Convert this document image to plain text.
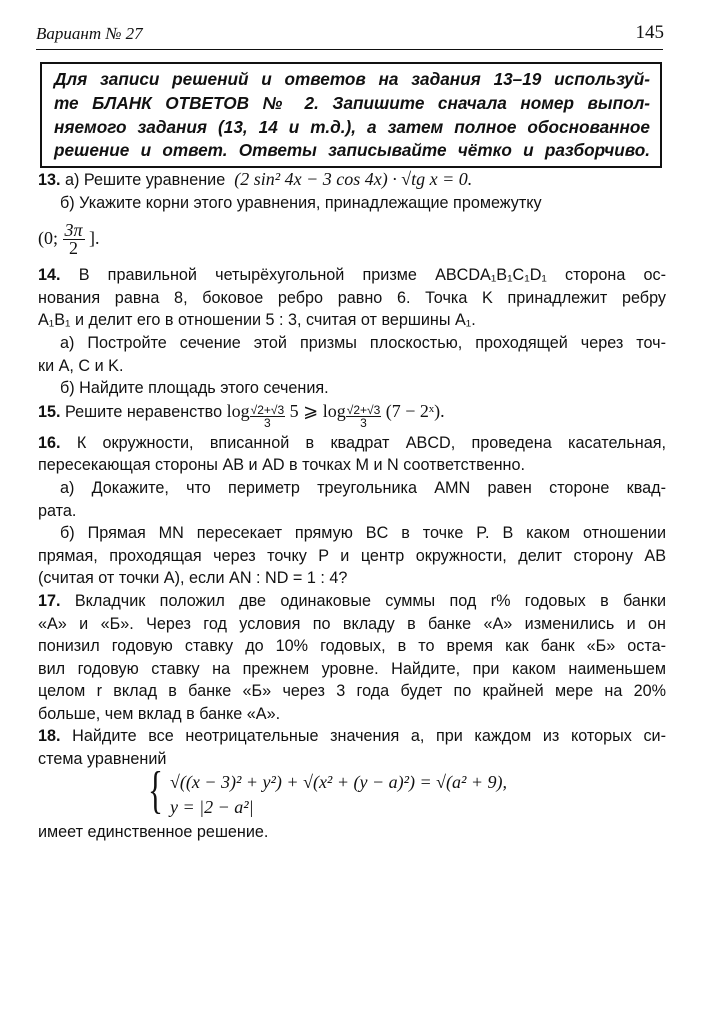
Вариант № 27	145
Для записи решений и ответов на задания 13–19 используй-
те БЛАНК ОТВЕТОВ № 2. Запишите сначала номер выпол-
няемого задания (13, 14 и т.д.), а затем полное обоснованное
решение и ответ. Ответы записывайте чётко и разборчиво.
13. а) Решите уравнение (2 sin² 4x − 3 cos 4x) · √tg x = 0.
б) Укажите корни этого уравнения, принадлежащие промежутку
(0; $\frac{3\pi}{2}$ ].
14. В правильной четырёхугольной призме ABCDA₁B₁C₁D₁ сторона ос-
нования равна 8, боковое ребро равно 6. Точка K принадлежит ребру
A₁B₁ и делит его в отношении 5 : 3, считая от вершины A₁.
а) Постройте сечение этой призмы плоскостью, проходящей через точ-
ки A, C и K.
б) Найдите площадь этого сечения.
15. Решите неравенство $\log \frac{√2+√3}{3} 5$ ⩾ $\log \frac{√2+√3}{3} (7$ − 2ˣ).
16. К окружности, вписанной в квадрат ABCD, проведена касательная,
пересекающая стороны AB и AD в точках M и N соответственно.
а) Докажите, что периметр треугольника AMN равен стороне квад-
рата.
б) Прямая MN пересекает прямую BC в точке P. В каком отношении
прямая, проходящая через точку P и центр окружности, делит сторону AB
(считая от точки A), если AN : ND = 1 : 4?
17. Вкладчик положил две одинаковые суммы под r% годовых в банки
«А» и «Б». Через год условия по вкладу в банке «А» изменились и он
понизил годовую ставку до 10% годовых, в то время как банк «Б» оста-
вил годовую ставку на прежнем уровне. Найдите, при каком наименьшем
целом r вклад в банке «Б» через 3 года будет по крайней мере на 20%
больше, чем вклад в банке «А».
18. Найдите все неотрицательные значения a, при каждом из которых си-
стема уравнений
{ √((x − 3)² + y²) + √(x² + (y − a)²) = √(a² + 9),
y = |2 − a²|
имеет единственное решение.
